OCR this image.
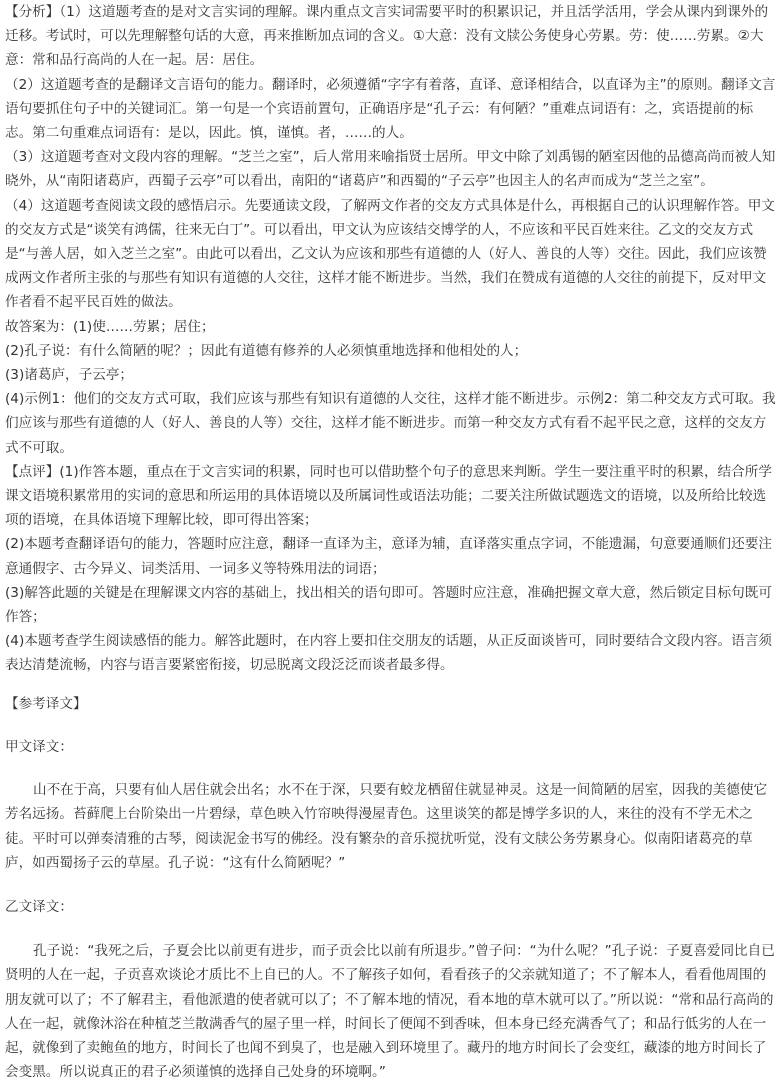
【分析】（1）这道题考查的是对文言实词的理解。课内重点文言实词需要平时的积累识记，并且活学活用，学会从课内到课外的迁移。考试时，可以先理解整句话的大意，再来推断加点词的含义。①大意：没有文牍公务使身心劳累。劳：使……劳累。②大意：常和品行高尚的人在一起。居：居住。

（2）这道题考查的是翻译文言语句的能力。翻译时，必须遵循“字字有着落，直译、意译相结合，以直译为主”的原则。翻译文言语句要抓住句子中的关键词汇。第一句是一个宾语前置句，正确语序是“孔子云：有何陋？”重难点词语有：之，宾语提前的标志。第二句重难点词语有：是以，因此。慎，谨慎。者，……的人。

（3）这道题考查对文段内容的理解。“芝兰之室”，后人常用来喻指贤士居所。甲文中除了刘禹锡的陋室因他的品德高尚而被人知晓外，从“南阳诸葛庐，西蜀子云亭”可以看出，南阳的“诸葛庐”和西蜀的“子云亭”也因主人的名声而成为“芝兰之室”。

（4）这道题考查阅读文段的感悟启示。先要通读文段，了解两文作者的交友方式具体是什么，再根据自己的认识理解作答。甲文的交友方式是“谈笑有鸿儒，往来无白丁”。可以看出，甲文认为应该结交博学的人，不应该和平民百姓来往。乙文的交友方式是“与善人居，如入芝兰之室”。由此可以看出，乙文认为应该和那些有道德的人（好人、善良的人等）交往。因此，我们应该赞成两文作者所主张的与那些有知识有道德的人交往，这样才能不断进步。当然，我们在赞成有道德的人交往的前提下，反对甲文作者看不起平民百姓的做法。

故答案为：(1)使……劳累；居住；

(2)孔子说：有什么简陋的呢？；因此有道德有修养的人必须慎重地选择和他相处的人；

(3)诸葛庐，子云亭；

(4)示例1：他们的交友方式可取，我们应该与那些有知识有道德的人交往，这样才能不断进步。示例2：第二种交友方式可取。我们应该与那些有道德的人（好人、善良的人等）交往，这样才能不断进步。而第一种交友方式有看不起平民之意，这样的交友方式不可取。

【点评】(1)作答本题，重点在于文言实词的积累，同时也可以借助整个句子的意思来判断。学生一要注重平时的积累，结合所学课文语境积累常用的实词的意思和所运用的具体语境以及所属词性或语法功能；二要关注所做试题选文的语境，以及所给比较选项的语境，在具体语境下理解比较，即可得出答案；

(2)本题考查翻译语句的能力，答题时应注意，翻译一直译为主，意译为辅，直译落实重点字词，不能遗漏，句意要通顺们还要注意通假字、古今异义、词类活用、一词多义等特殊用法的词语；

(3)解答此题的关键是在理解课文内容的基础上，找出相关的语句即可。答题时应注意，准确把握文章大意，然后锁定目标句既可作答；

(4)本题考查学生阅读感悟的能力。解答此题时，在内容上要扣住交朋友的话题，从正反面谈皆可，同时要结合文段内容。语言须表达清楚流畅，内容与语言要紧密衔接，切忌脱离文段泛泛而谈者最多得。

【参考译文】

甲文译文：

山不在于高，只要有仙人居住就会出名；水不在于深，只要有蛟龙栖留住就显神灵。这是一间简陋的居室，因我的美德使它芳名远扬。苔藓爬上台阶染出一片碧绿，草色映入竹帘映得漫屋青色。这里谈笑的都是博学多识的人，来往的没有不学无术之徒。平时可以弹奏清雅的古琴，阅读泥金书写的佛经。没有繁杂的音乐搅扰听觉，没有文牍公务劳累身心。似南阳诸葛亮的草庐，如西蜀扬子云的草屋。孔子说：“这有什么简陋呢？”

乙文译文：

孔子说：“我死之后，子夏会比以前更有进步，而子贡会比以前有所退步。”曾子问：“为什么呢？”孔子说：子夏喜爱同比自已贤明的人在一起，子贡喜欢谈论才质比不上自已的人。不了解孩子如何，看看孩子的父亲就知道了；不了解本人，看看他周围的朋友就可以了；不了解君主，看他派遣的使者就可以了；不了解本地的情况，看本地的草木就可以了。”所以说：“常和品行高尚的人在一起，就像沐浴在种植芝兰散满香气的屋子里一样，时间长了便闻不到香味，但本身已经充满香气了；和品行低劣的人在一起，就像到了卖鲍鱼的地方，时间长了也闻不到臭了，也是融入到环境里了。藏丹的地方时间长了会变红，藏漆的地方时间长了会变黑。所以说真正的君子必须谨慎的选择自己处身的环境啊。”
